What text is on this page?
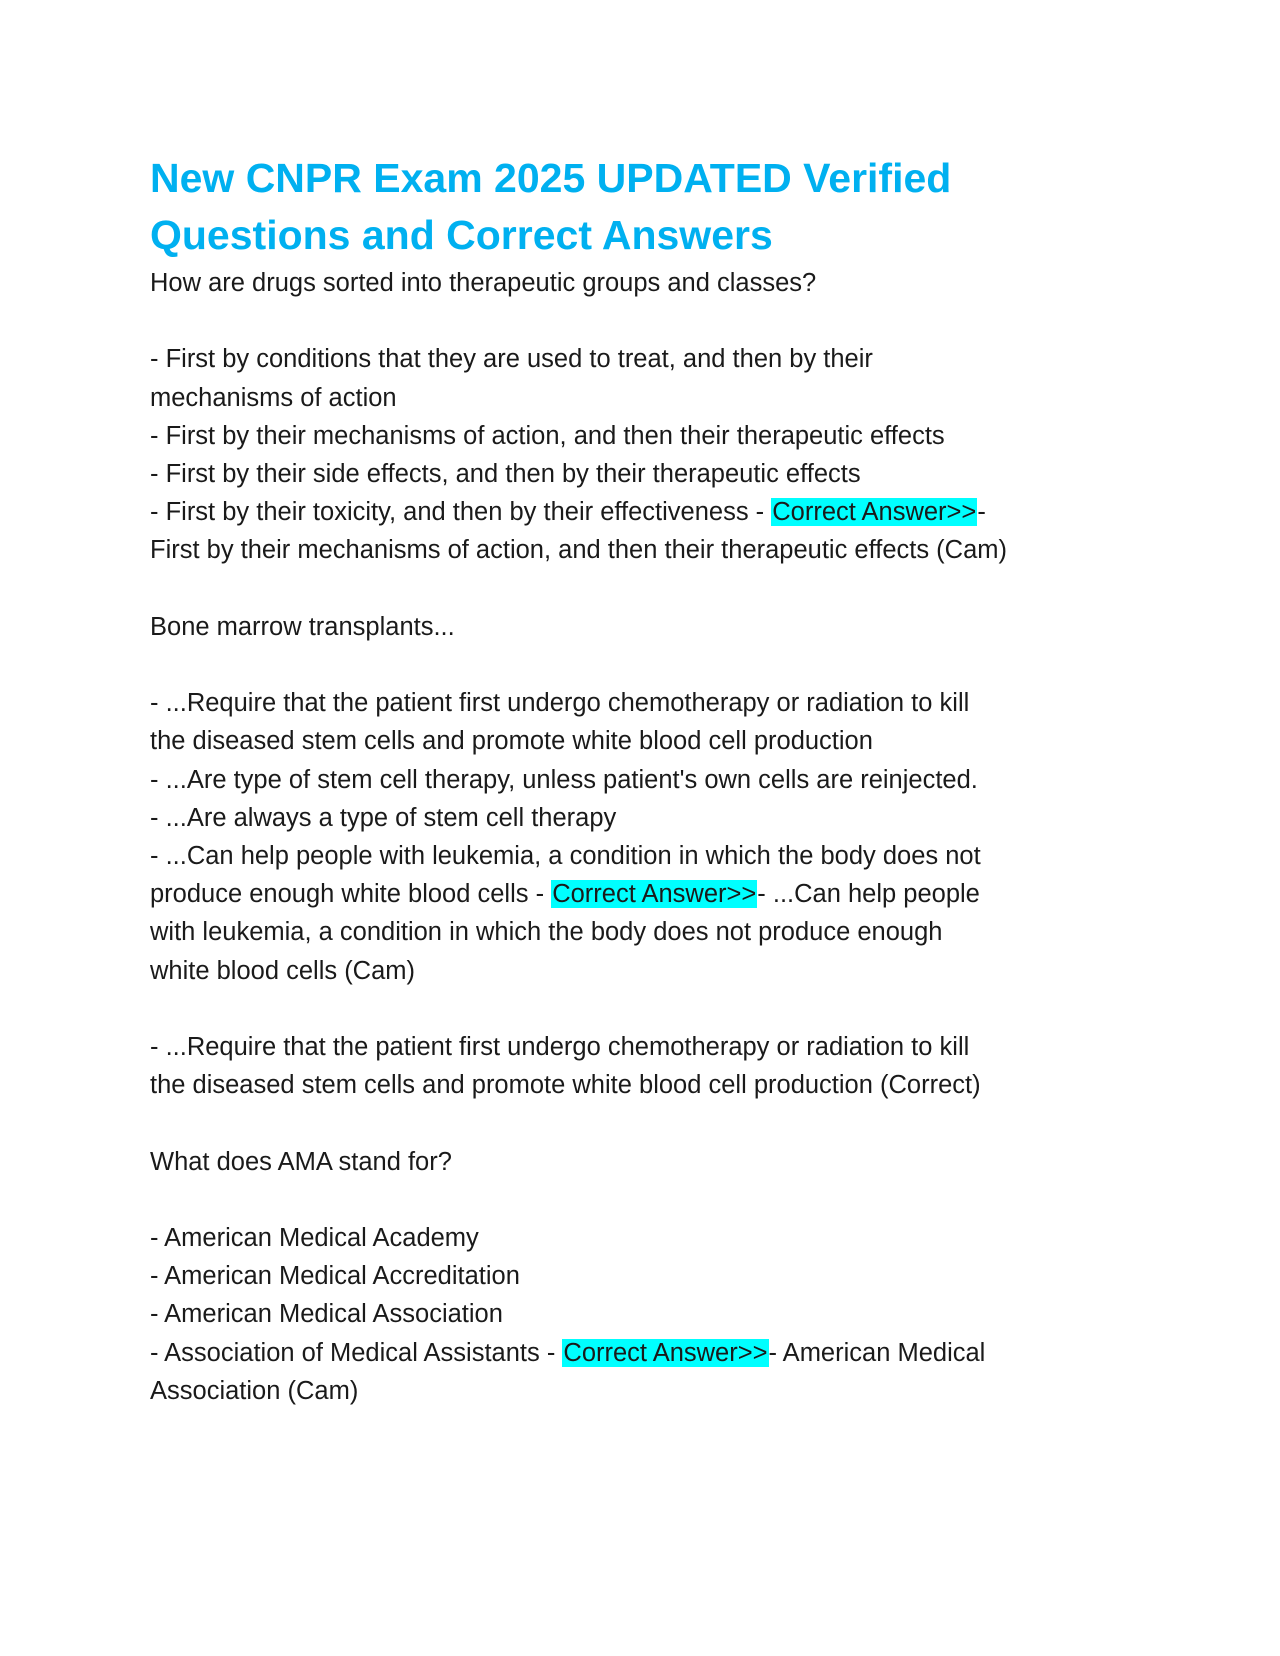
New CNPR Exam 2025 UPDATED Verified
Questions and Correct Answers
How are drugs sorted into therapeutic groups and classes?
- First by conditions that they are used to treat, and then by their
mechanisms of action
- First by their mechanisms of action, and then their therapeutic effects
- First by their side effects, and then by their therapeutic effects
- First by their toxicity, and then by their effectiveness - Correct Answer>>-
First by their mechanisms of action, and then their therapeutic effects (Cam)
Bone marrow transplants...
- ...Require that the patient first undergo chemotherapy or radiation to kill
the diseased stem cells and promote white blood cell production
- ...Are type of stem cell therapy, unless patient's own cells are reinjected.
- ...Are always a type of stem cell therapy
- ...Can help people with leukemia, a condition in which the body does not
produce enough white blood cells - Correct Answer>>- ...Can help people
with leukemia, a condition in which the body does not produce enough
white blood cells (Cam)
- ...Require that the patient first undergo chemotherapy or radiation to kill
the diseased stem cells and promote white blood cell production (Correct)
What does AMA stand for?
- American Medical Academy
- American Medical Accreditation
- American Medical Association
- Association of Medical Assistants - Correct Answer>>- American Medical
Association (Cam)
